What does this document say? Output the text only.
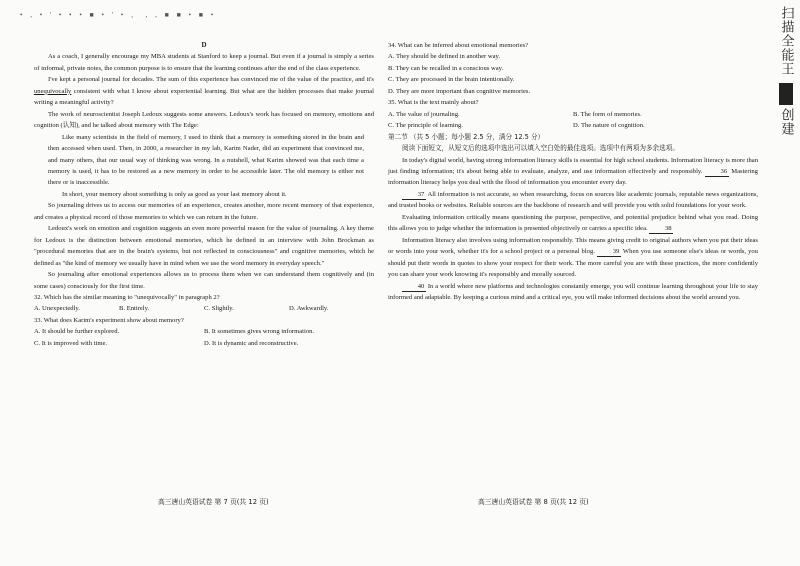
• , • ' • • • ■ • ' • 、 , , ■ ■ • ■ •

D

As a coach, I generally encourage my MBA students at Stanford to keep a journal. But even if a journal is simply a series of informal, private notes, the common purpose is to ensure that the learning continues after the end of the class experience.

I've kept a personal journal for decades. The sum of this experience has convinced me of the value of the practice, and it's unequivocally consistent with what I know about experiential learning. But what are the hidden processes that make journal writing a meaningful activity?

The work of neuroscientist Joseph Ledoux suggests some answers. Ledoux's work has focused on memory, emotions and cognition (认知), and he talked about memory with The Edge:

Like many scientists in the field of memory, I used to think that a memory is something stored in the brain and then accessed when used. Then, in 2000, a researcher in my lab, Karim Nader, did an experiment that convinced me, and many others, that our usual way of thinking was wrong. In a nutshell, what Karim showed was that each time a memory is used, it has to be restored as a new memory in order to be accessible later. The old memory is either not there or is inaccessible.

In short, your memory about something is only as good as your last memory about it.

So journaling drives us to access our memories of an experience, creates another, more recent memory of that experience, and creates a physical record of those memories to which we can return in the future.

Ledoux's work on emotion and cognition suggests an even more powerful reason for the value of journaling. A key theme for Ledoux is the distinction between emotional memories, which he defined in an interview with John Brockman as "procedural memories that are in the brain's systems, but not reflected in consciousness" and cognitive memories, which he defined as "the kind of memory we usually have in mind when we use the word memory in everyday speech."

So journaling after emotional experiences allows us to process them when we can understand them cognitively and (in some cases) consciously for the first time.

32. Which has the similar meaning to "unequivocally" in paragraph 2?

A. Unexpectedly.	B. Entirely.	C. Slightly.	D. Awkwardly.

33. What does Karim's experiment show about memory?

A. It should be further explored.	B. It sometimes gives wrong information.
C. It is improved with time.	D. It is dynamic and reconstructive.

34. What can be inferred about emotional memories?

A. They should be defined in another way.
B. They can be recalled in a conscious way.
C. They are processed in the brain intentionally.
D. They are more important than cognitive memories.

35. What is the text mainly about?

A. The value of journaling.	B. The form of memories.
C. The principle of learning.	D. The nature of cognition.

第二节 （共 5 小题；每小题 2.5 分，满分 12.5 分）

阅读下面短文，从短文后的选项中选出可以填入空白处的最佳选项。选项中有两项为多余选项。

In today's digital world, having strong information literacy skills is essential for high school students. Information literacy is more than just finding information; it's about being able to evaluate, analyze, and use information effectively and responsibly. 36 Mastering information literacy helps you deal with the flood of information you encounter every day.

37 All information is not accurate, so when researching, focus on sources like academic journals, reputable news organizations, and trusted books or websites. Reliable sources are the backbone of research and will provide you with solid foundations for your work.

Evaluating information critically means questioning the purpose, perspective, and potential prejudice behind what you read. Doing this allows you to judge whether the information is presented objectively or carries a specific idea. 38

Information literacy also involves using information responsibly. This means giving credit to original authors when you put their ideas or words into your work, whether it's for a school project or a personal blog. 39 When you use someone else's ideas or words, you should put their words in quotes to show your respect for their work. The more careful you are with these practices, the more confidently you can share your work knowing it's responsibly and morally sourced.

40 In a world where new platforms and technologies constantly emerge, you will continue learning throughout your life to stay informed and adaptable. By keeping a curious mind and a critical eye, you will make informed decisions about the world around you.

高三唐山英语试卷 第 7 页(共 12 页)	高三唐山英语试卷 第 8 页(共 12 页)
扫描全能王
创建
